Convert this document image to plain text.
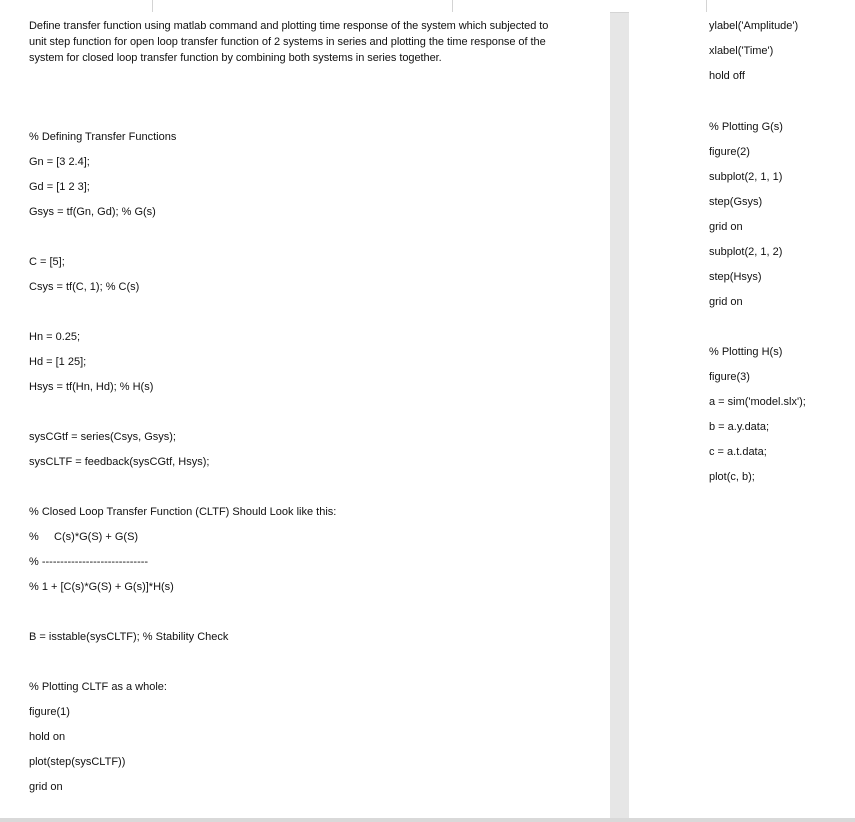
Define transfer function using matlab command and plotting time response of the system which subjected to unit step function for open loop transfer function of 2 systems in series and plotting the time response of the system for closed loop transfer function by combining both systems in series together.
% Defining Transfer Functions
Gn = [3 2.4];
Gd = [1 2 3];
Gsys = tf(Gn, Gd); % G(s)
C = [5];
Csys = tf(C, 1); % C(s)
Hn = 0.25;
Hd = [1 25];
Hsys = tf(Hn, Hd); % H(s)
sysCGtf = series(Csys, Gsys);
sysCLTF = feedback(sysCGtf, Hsys);
% Closed Loop Transfer Function (CLTF) Should Look like this:
%     C(s)*G(S) + G(S)
% -----------------------------
% 1 + [C(s)*G(S) + G(s)]*H(s)
B = isstable(sysCLTF); % Stability Check
% Plotting CLTF as a whole:
figure(1)
hold on
plot(step(sysCLTF))
grid on
ylabel('Amplitude')
xlabel('Time')
hold off
% Plotting G(s)
figure(2)
subplot(2, 1, 1)
step(Gsys)
grid on
subplot(2, 1, 2)
step(Hsys)
grid on
% Plotting H(s)
figure(3)
a = sim('model.slx');
b = a.y.data;
c = a.t.data;
plot(c, b);
